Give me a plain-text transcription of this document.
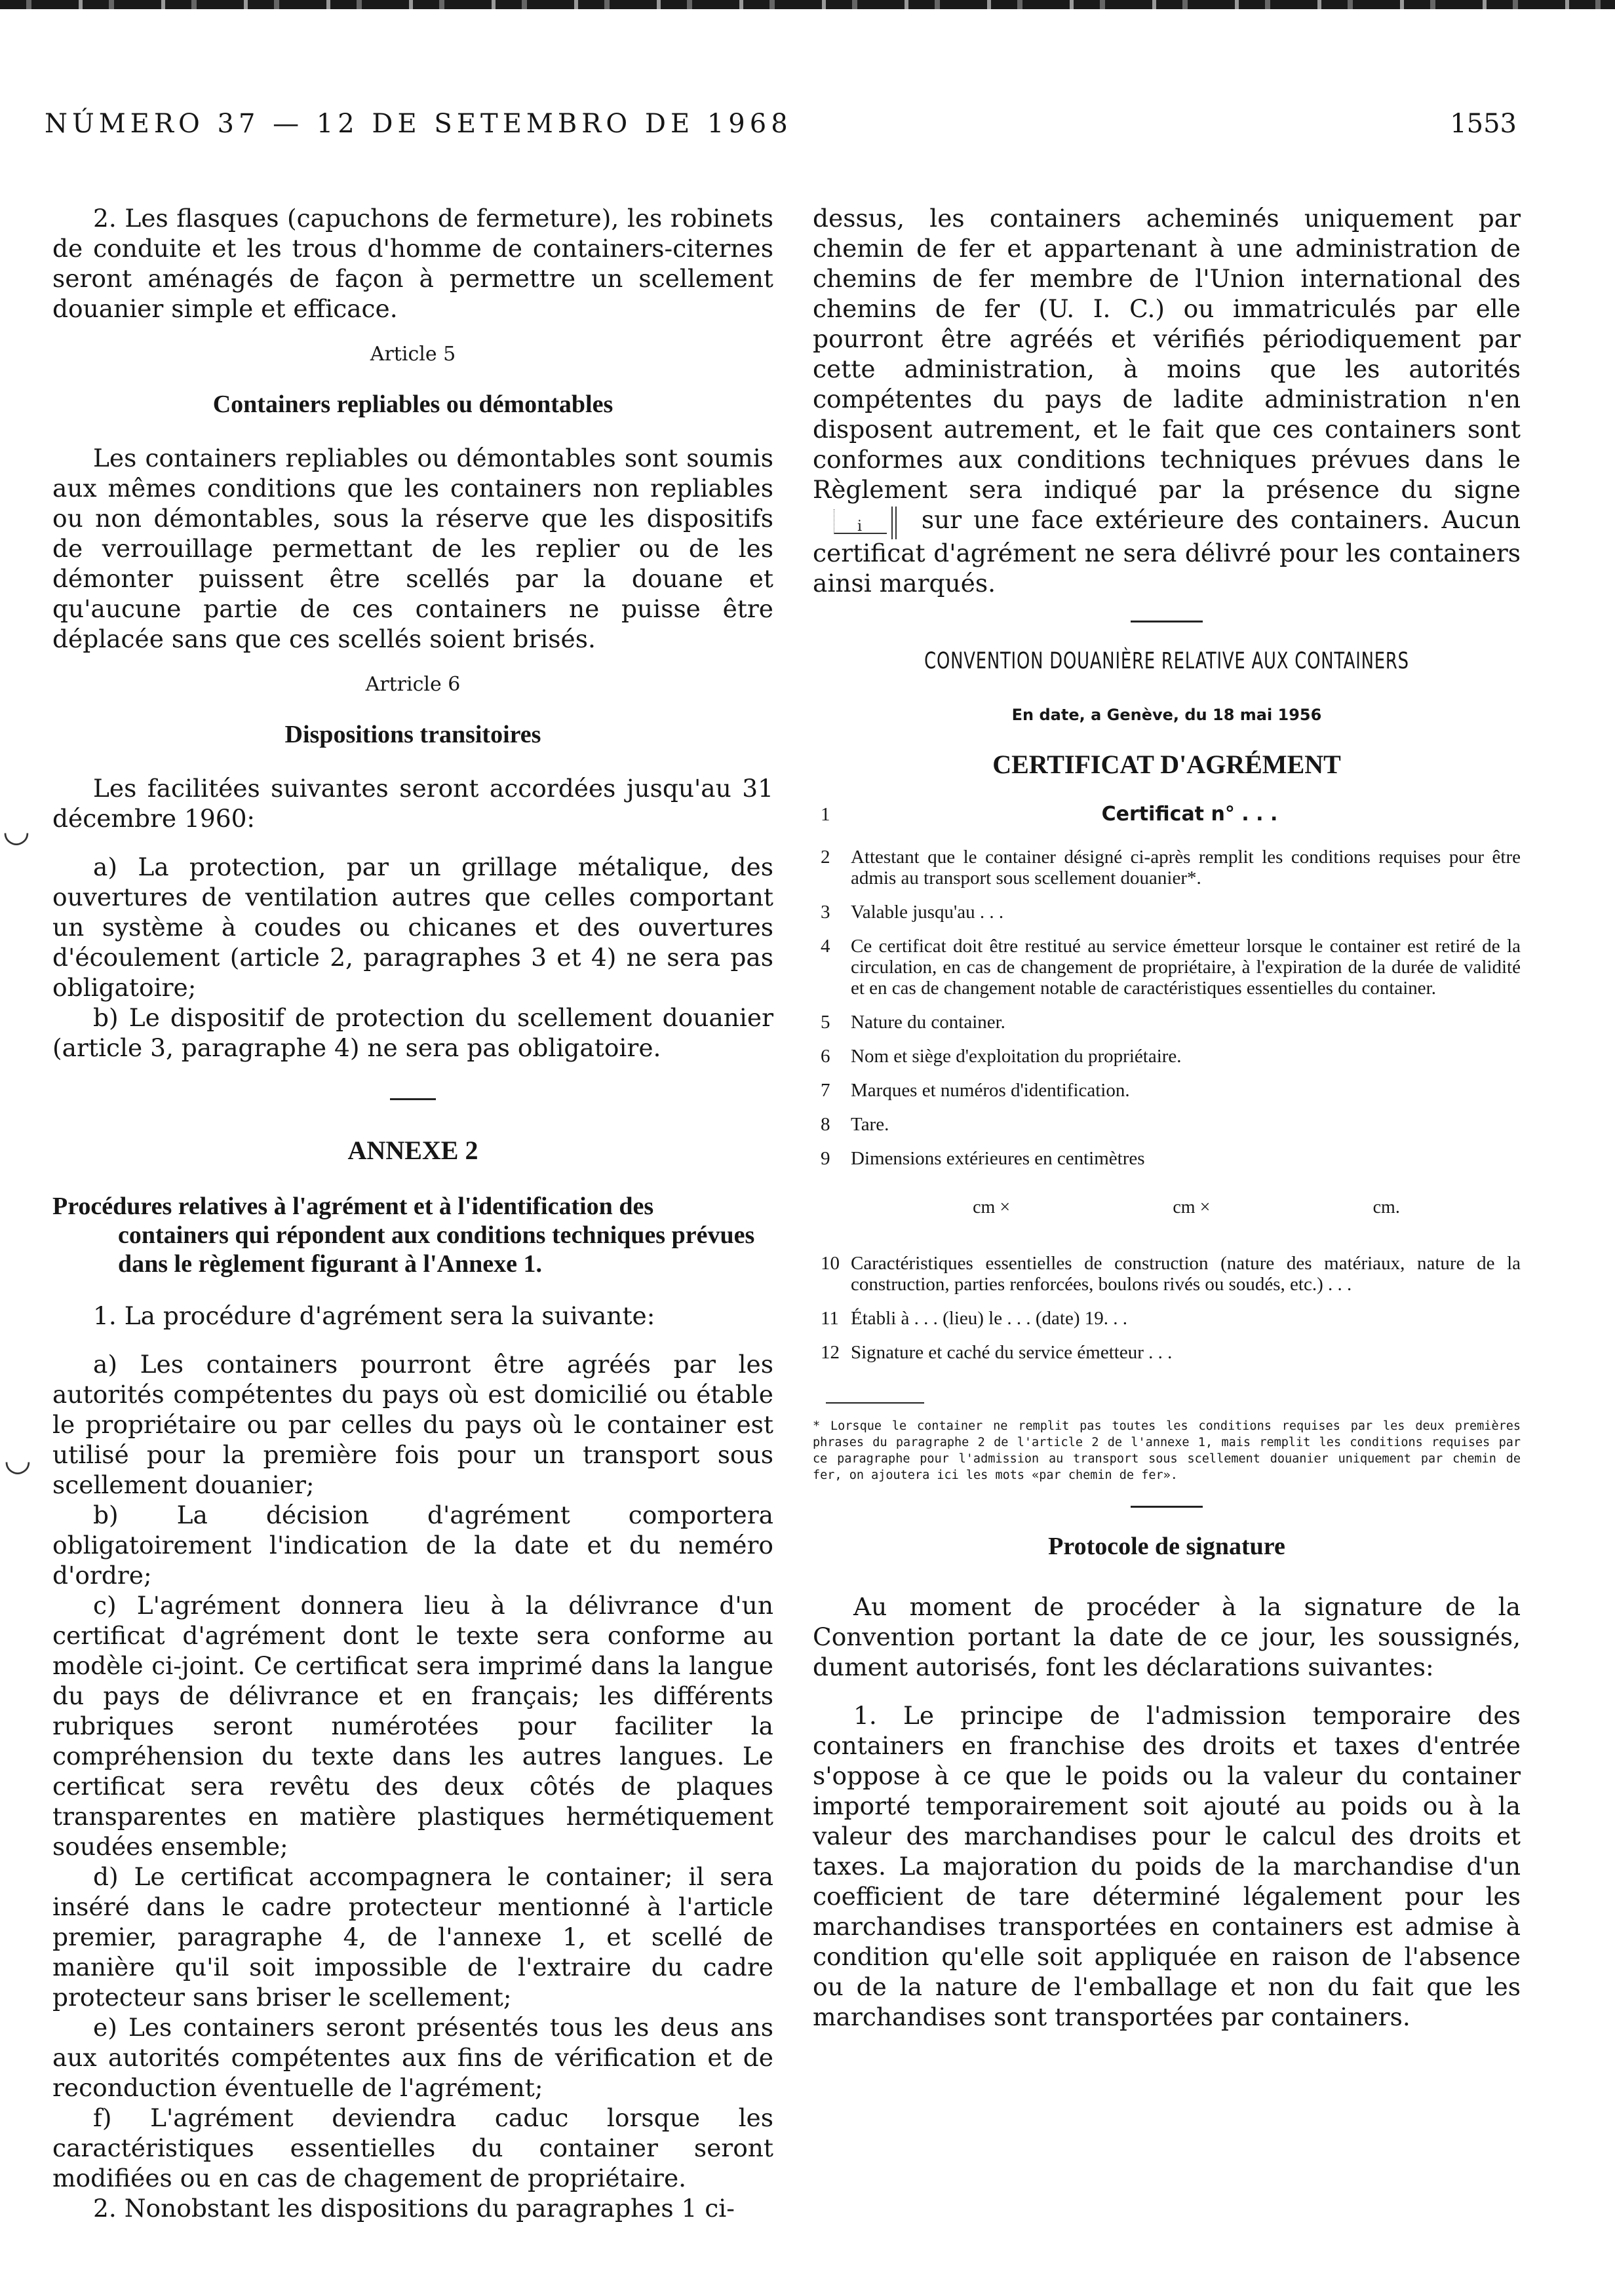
NÚMERO 37 — 12 DE SETEMBRO DE 1968	1553
◡
◡

2. Les flasques (capuchons de fermeture), les robinets de conduite et les trous d'homme de containers-citernes seront aménagés de façon à permettre un scellement douanier simple et efficace.

Article 5
Containers repliables ou démontables

Les containers repliables ou démontables sont soumis aux mêmes conditions que les containers non repliables ou non démontables, sous la réserve que les dispositifs de verrouillage permettant de les replier ou de les démonter puissent être scellés par la douane et qu'aucune partie de ces containers ne puisse être déplacée sans que ces scellés soient brisés.

Artricle 6
Dispositions transitoires

Les facilitées suivantes seront accordées jusqu'au 31 décembre 1960:

a) La protection, par un grillage métalique, des ouvertures de ventilation autres que celles comportant un système à coudes ou chicanes et des ouvertures d'écoulement (article 2, paragraphes 3 et 4) ne sera pas obligatoire;

b) Le dispositif de protection du scellement douanier (article 3, paragraphe 4) ne sera pas obligatoire.

ANNEXE 2
Procédures relatives à l'agrément et à l'identification des
containers qui répondent aux conditions techniques prévues dans le règlement figurant à l'Annexe 1.

1. La procédure d'agrément sera la suivante:

a) Les containers pourront être agréés par les autorités compétentes du pays où est domicilié ou étable le propriétaire ou par celles du pays où le container est utilisé pour la première fois pour un transport sous scellement douanier;

b) La décision d'agrément comportera obligatoirement l'indication de la date et du neméro d'ordre;

c) L'agrément donnera lieu à la délivrance d'un certificat d'agrément dont le texte sera conforme au modèle ci-joint. Ce certificat sera imprimé dans la langue du pays de délivrance et en français; les différents rubriques seront numérotées pour faciliter la compréhension du texte dans les autres langues. Le certificat sera revêtu des deux côtés de plaques transparentes en matière plastiques hermétiquement soudées ensemble;

d) Le certificat accompagnera le container; il sera inséré dans le cadre protecteur mentionné à l'article premier, paragraphe 4, de l'annexe 1, et scellé de manière qu'il soit impossible de l'extraire du cadre protecteur sans briser le scellement;

e) Les containers seront présentés tous les deus ans aux autorités compétentes aux fins de vérification et de reconduction éventuelle de l'agrément;

f) L'agrément deviendra caduc lorsque les caractéristiques essentielles du container seront modifiées ou en cas de chagement de propriétaire.

2. Nonobstant les dispositions du paragraphes 1 ci-

dessus, les containers acheminés uniquement par chemin de fer et appartenant à une administration de chemins de fer membre de l'Union international des chemins de fer (U. I. C.) ou immatriculés par elle pourront être agréés et vérifiés périodiquement par cette administration, à moins que les autorités compétentes du pays de ladite administration n'en disposent autrement, et le fait que ces containers sont conformes aux conditions techniques prévues dans le Règlement sera indiqué par la présence du signe
i sur une face extérieure des containers. Aucun certificat d'agrément ne sera délivré pour les containers ainsi marqués.

CONVENTION DOUANIÈRE RELATIVE AUX CONTAINERS
En date, a Genève, du 18 mai 1956
CERTIFICAT D'AGRÉMENT
1	Certificat n° . . .
2	Attestant que le container désigné ci-après remplit les conditions requises pour être admis au transport sous scellement douanier*.
3	Valable jusqu'au . . .
4	Ce certificat doit être restitué au service émetteur lorsque le container est retiré de la circulation, en cas de changement de propriétaire, à l'expiration de la durée de validité et en cas de changement notable de caractéristiques essentielles du container.
5	Nature du container.
6	Nom et siège d'exploitation du propriétaire.
7	Marques et numéros d'identification.
8	Tare.
9	Dimensions extérieures en centimètres
cm ×	cm ×	cm.
10 Caractéristiques essentielles de construction (nature des matériaux, nature de la construction, parties renforcées, boulons rivés ou soudés, etc.) . . .
11 Établi à . . . (lieu) le . . . (date) 19. . .
12 Signature et caché du service émetteur . . .

* Lorsque le container ne remplit pas toutes les conditions requises par les deux premières phrases du paragraphe 2 de l'article 2 de l'annexe 1, mais remplit les conditions requises par ce paragraphe pour l'admission au transport sous scellement douanier uniquement par chemin de fer, on ajoutera ici les mots «par chemin de fer».

Protocole de signature

Au moment de procéder à la signature de la Convention portant la date de ce jour, les soussignés, dument autorisés, font les déclarations suivantes:

1. Le principe de l'admission temporaire des containers en franchise des droits et taxes d'entrée s'oppose à ce que le poids ou la valeur du container importé temporairement soit ajouté au poids ou à la valeur des marchandises pour le calcul des droits et taxes. La majoration du poids de la marchandise d'un coefficient de tare déterminé légalement pour les marchandises transportées en containers est admise à condition qu'elle soit appliquée en raison de l'absence ou de la nature de l'emballage et non du fait que les marchandises sont transportées par containers.
